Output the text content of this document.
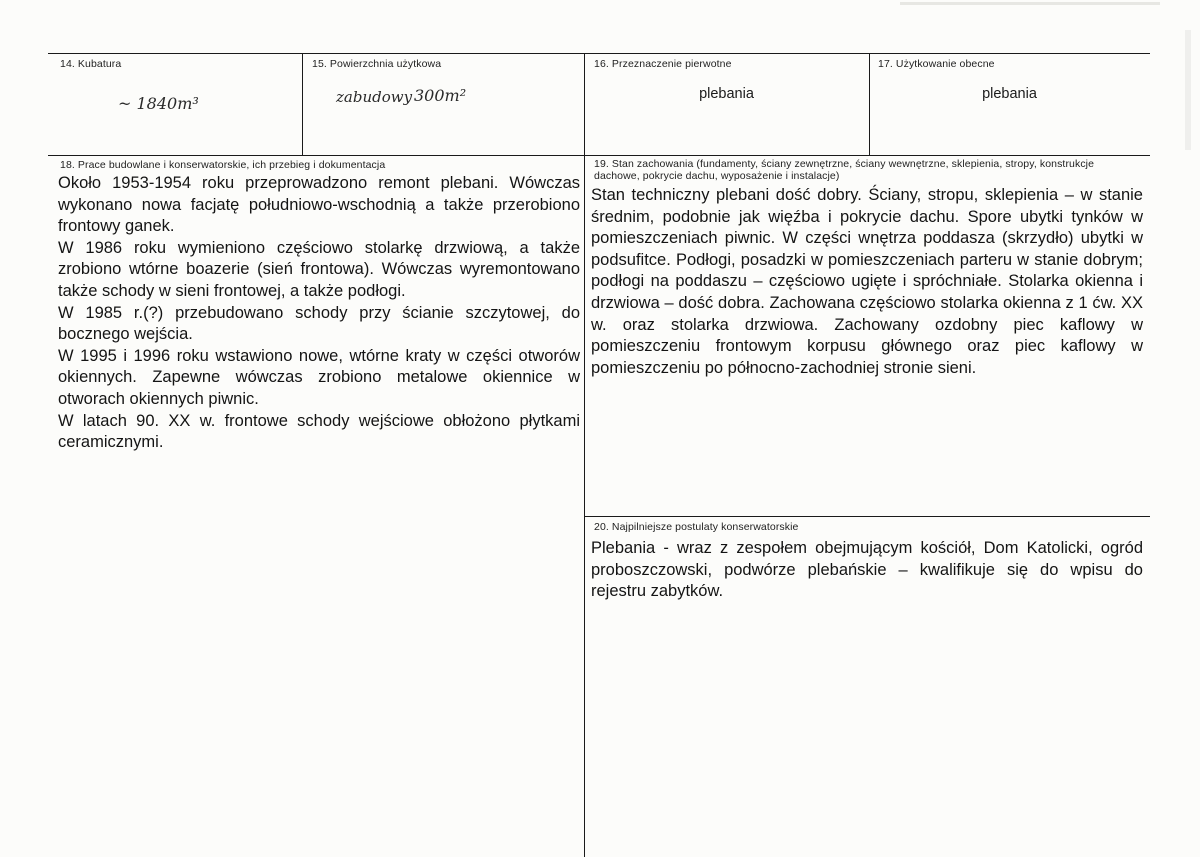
14. Kubatura	15. Powierzchnia użytkowa	16. Przeznaczenie pierwotne	17. Użytkowanie obecne
~ 1840m³	zabudowy 300m²	plebania	plebania
18. Prace budowlane i konserwatorskie, ich przebieg i dokumentacja

Około 1953-1954 roku przeprowadzono remont plebani. Wówczas wykonano nowa facjatę południowo-wschodnią a także przerobiono frontowy ganek.

W 1986 roku wymieniono częściowo stolarkę drzwiową, a także zrobiono wtórne boazerie (sień frontowa). Wówczas wyremontowano także schody w sieni frontowej, a także podłogi.

W 1985 r.(?) przebudowano schody przy ścianie szczytowej, do bocznego wejścia.

W 1995 i 1996 roku wstawiono nowe, wtórne kraty w części otworów okiennych. Zapewne wówczas zrobiono metalowe okiennice w otworach okiennych piwnic.

W latach 90. XX w. frontowe schody wejściowe obłożono płytkami ceramicznymi.

19. Stan zachowania (fundamenty, ściany zewnętrzne, ściany wewnętrzne, sklepienia, stropy, konstrukcje dachowe, pokrycie dachu, wyposażenie i instalacje)
Stan techniczny plebani dość dobry. Ściany, stropu, sklepienia – w stanie średnim, podobnie jak więźba i pokrycie dachu. Spore ubytki tynków w pomieszczeniach piwnic. W części wnętrza poddasza (skrzydło) ubytki w podsufitce. Podłogi, posadzki w pomieszczeniach parteru w stanie dobrym; podłogi na poddaszu – częściowo ugięte i spróchniałe. Stolarka okienna i drzwiowa – dość dobra. Zachowana częściowo stolarka okienna z 1 ćw. XX w. oraz stolarka drzwiowa. Zachowany ozdobny piec kaflowy w pomieszczeniu frontowym korpusu głównego oraz piec kaflowy w pomieszczeniu po północno-zachodniej stronie sieni.
20. Najpilniejsze postulaty konserwatorskie
Plebania - wraz z zespołem obejmującym kościół, Dom Katolicki, ogród proboszczowski, podwórze plebańskie – kwalifikuje się do wpisu do rejestru zabytków.
